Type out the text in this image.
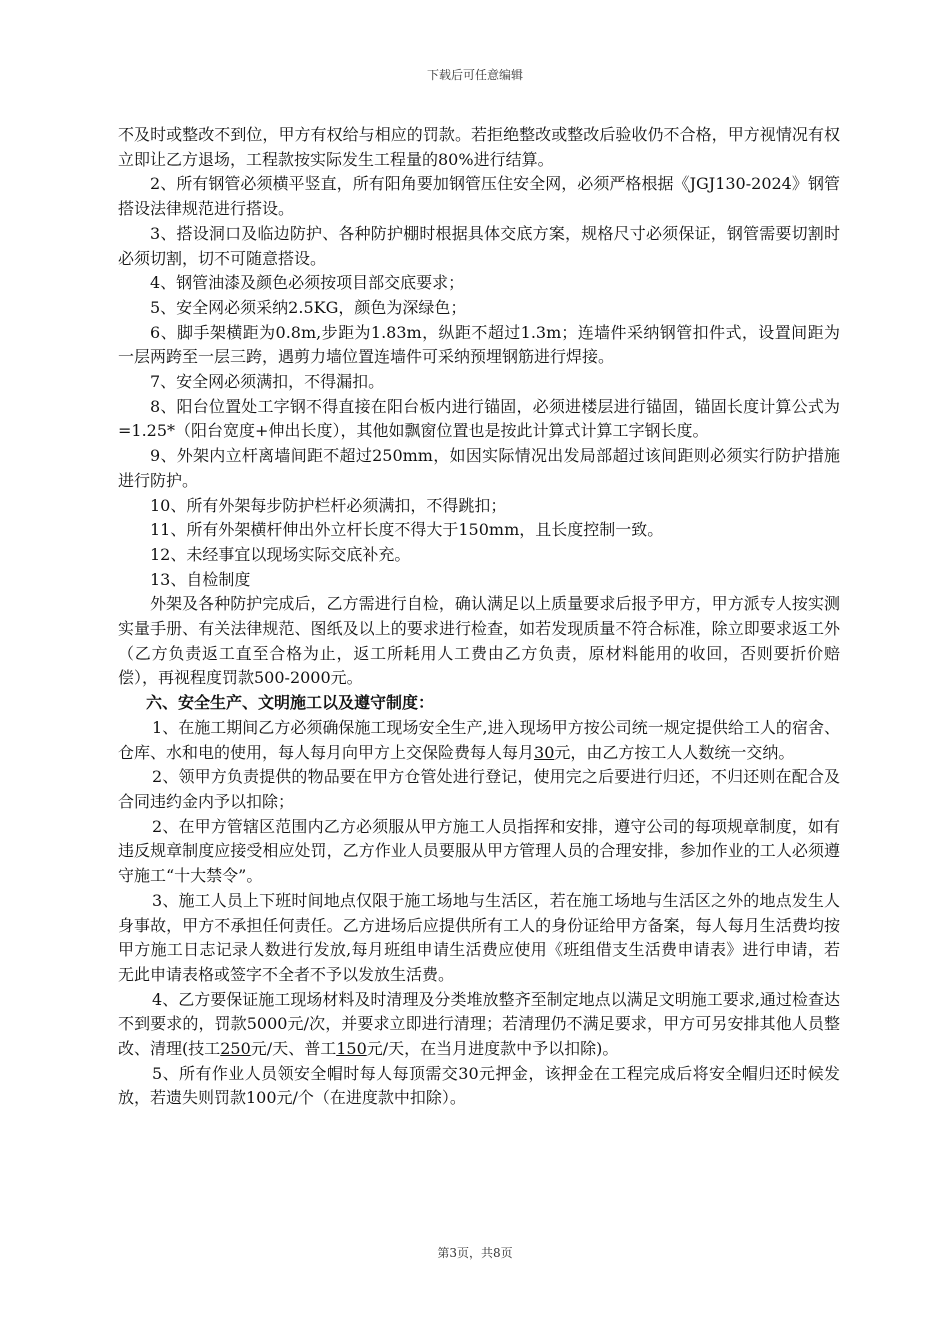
下载后可任意编辑

不及时或整改不到位，甲方有权给与相应的罚款。若拒绝整改或整改后验收仍不合格，甲方视情况有权立即让乙方退场，工程款按实际发生工程量的80%进行结算。

2、所有钢管必须横平竖直，所有阳角要加钢管压住安全网，必须严格根据《JGJ130-2024》钢管搭设法律规范进行搭设。

3、搭设洞口及临边防护、各种防护棚时根据具体交底方案，规格尺寸必须保证，钢管需要切割时必须切割，切不可随意搭设。

4、钢管油漆及颜色必须按项目部交底要求；

5、安全网必须采纳2.5KG，颜色为深绿色；

6、脚手架横距为0.8m,步距为1.83m，纵距不超过1.3m；连墙件采纳钢管扣件式，设置间距为一层两跨至一层三跨，遇剪力墙位置连墙件可采纳预埋钢筋进行焊接。

7、安全网必须满扣，不得漏扣。

8、阳台位置处工字钢不得直接在阳台板内进行锚固，必须进楼层进行锚固，锚固长度计算公式为=1.25*（阳台宽度+伸出长度），其他如飘窗位置也是按此计算式计算工字钢长度。

9、外架内立杆离墙间距不超过250mm，如因实际情况出发局部超过该间距则必须实行防护措施进行防护。

10、所有外架每步防护栏杆必须满扣，不得跳扣；

11、所有外架横杆伸出外立杆长度不得大于150mm，且长度控制一致。

12、未经事宜以现场实际交底补充。

13、自检制度

外架及各种防护完成后，乙方需进行自检，确认满足以上质量要求后报予甲方，甲方派专人按实测实量手册、有关法律规范、图纸及以上的要求进行检查，如若发现质量不符合标准，除立即要求返工外（乙方负责返工直至合格为止，返工所耗用人工费由乙方负责，原材料能用的收回，否则要折价赔偿），再视程度罚款500-2000元。

六、安全生产、文明施工以及遵守制度：

1、在施工期间乙方必须确保施工现场安全生产,进入现场甲方按公司统一规定提供给工人的宿舍、仓库、水和电的使用，每人每月向甲方上交保险费每人每月30元，由乙方按工人人数统一交纳。

2、领甲方负责提供的物品要在甲方仓管处进行登记，使用完之后要进行归还，不归还则在配合及合同违约金内予以扣除；

2、在甲方管辖区范围内乙方必须服从甲方施工人员指挥和安排，遵守公司的每项规章制度，如有违反规章制度应接受相应处罚，乙方作业人员要服从甲方管理人员的合理安排，参加作业的工人必须遵守施工“十大禁令”。

3、施工人员上下班时间地点仅限于施工场地与生活区，若在施工场地与生活区之外的地点发生人身事故，甲方不承担任何责任。乙方进场后应提供所有工人的身份证给甲方备案，每人每月生活费均按甲方施工日志记录人数进行发放,每月班组申请生活费应使用《班组借支生活费申请表》进行申请，若无此申请表格或签字不全者不予以发放生活费。

4、乙方要保证施工现场材料及时清理及分类堆放整齐至制定地点以满足文明施工要求,通过检查达不到要求的，罚款5000元/次，并要求立即进行清理；若清理仍不满足要求，甲方可另安排其他人员整改、清理(技工250元/天、普工150元/天，在当月进度款中予以扣除)。

5、所有作业人员领安全帽时每人每顶需交30元押金，该押金在工程完成后将安全帽归还时候发放，若遗失则罚款100元/个（在进度款中扣除）。

第3页，共8页
